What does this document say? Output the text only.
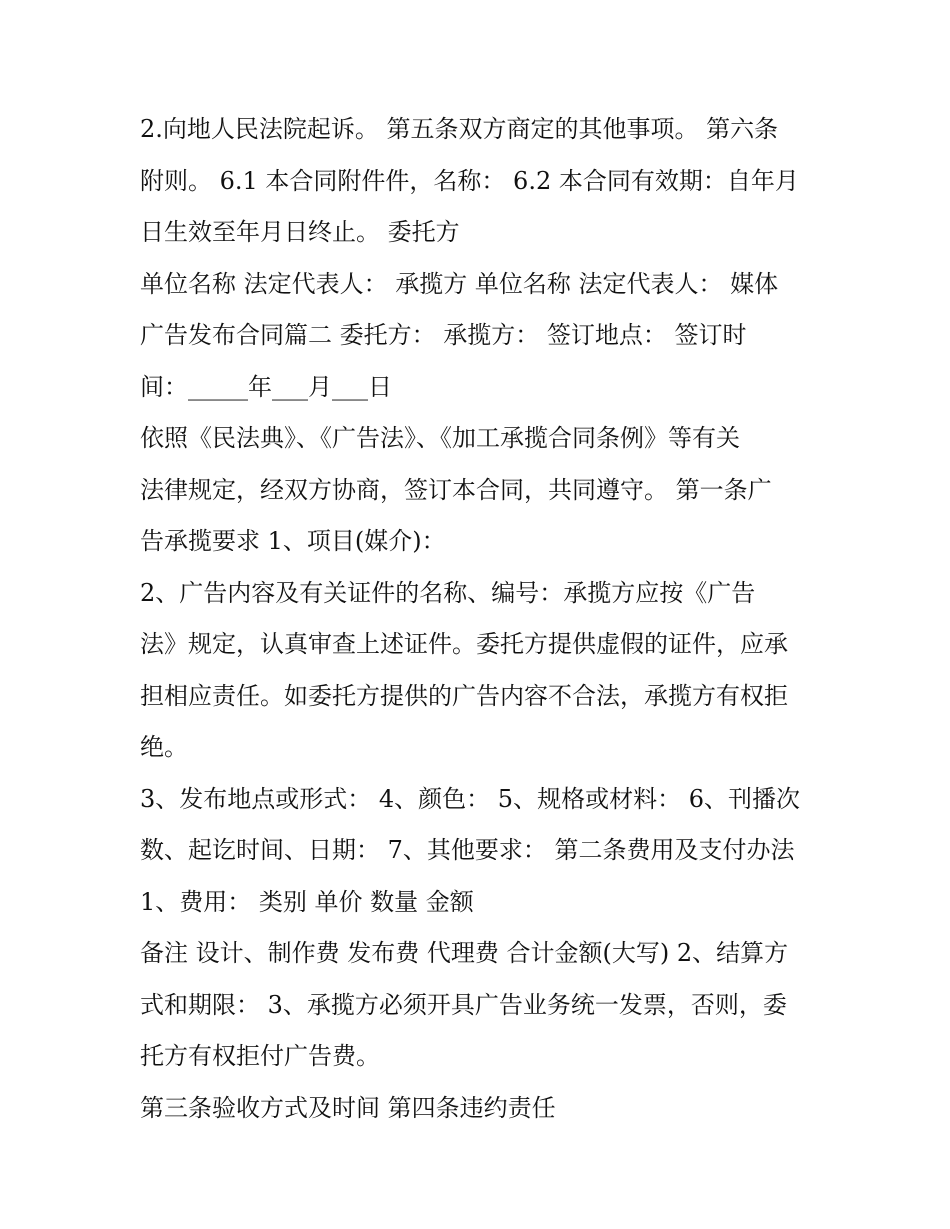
2.向地人民法院起诉。 第五条双方商定的其他事项。 第六条
附则。 6.1 本合同附件件，名称： 6.2 本合同有效期：自年月
日生效至年月日终止。 委托方
单位名称 法定代表人： 承揽方 单位名称 法定代表人： 媒体
广告发布合同篇二 委托方： 承揽方： 签订地点： 签订时
间：_____年___月___日
依照《民法典》、《广告法》、《加工承揽合同条例》等有关
法律规定，经双方协商，签订本合同，共同遵守。 第一条广
告承揽要求 1、项目(媒介)：
2、广告内容及有关证件的名称、编号：承揽方应按《广告
法》规定，认真审查上述证件。委托方提供虚假的证件，应承
担相应责任。如委托方提供的广告内容不合法，承揽方有权拒
绝。
3、发布地点或形式： 4、颜色： 5、规格或材料： 6、刊播次
数、起讫时间、日期： 7、其他要求： 第二条费用及支付办法
1、费用： 类别 单价 数量 金额
备注 设计、制作费 发布费 代理费 合计金额(大写) 2、结算方
式和期限： 3、承揽方必须开具广告业务统一发票，否则，委
托方有权拒付广告费。
第三条验收方式及时间 第四条违约责任
